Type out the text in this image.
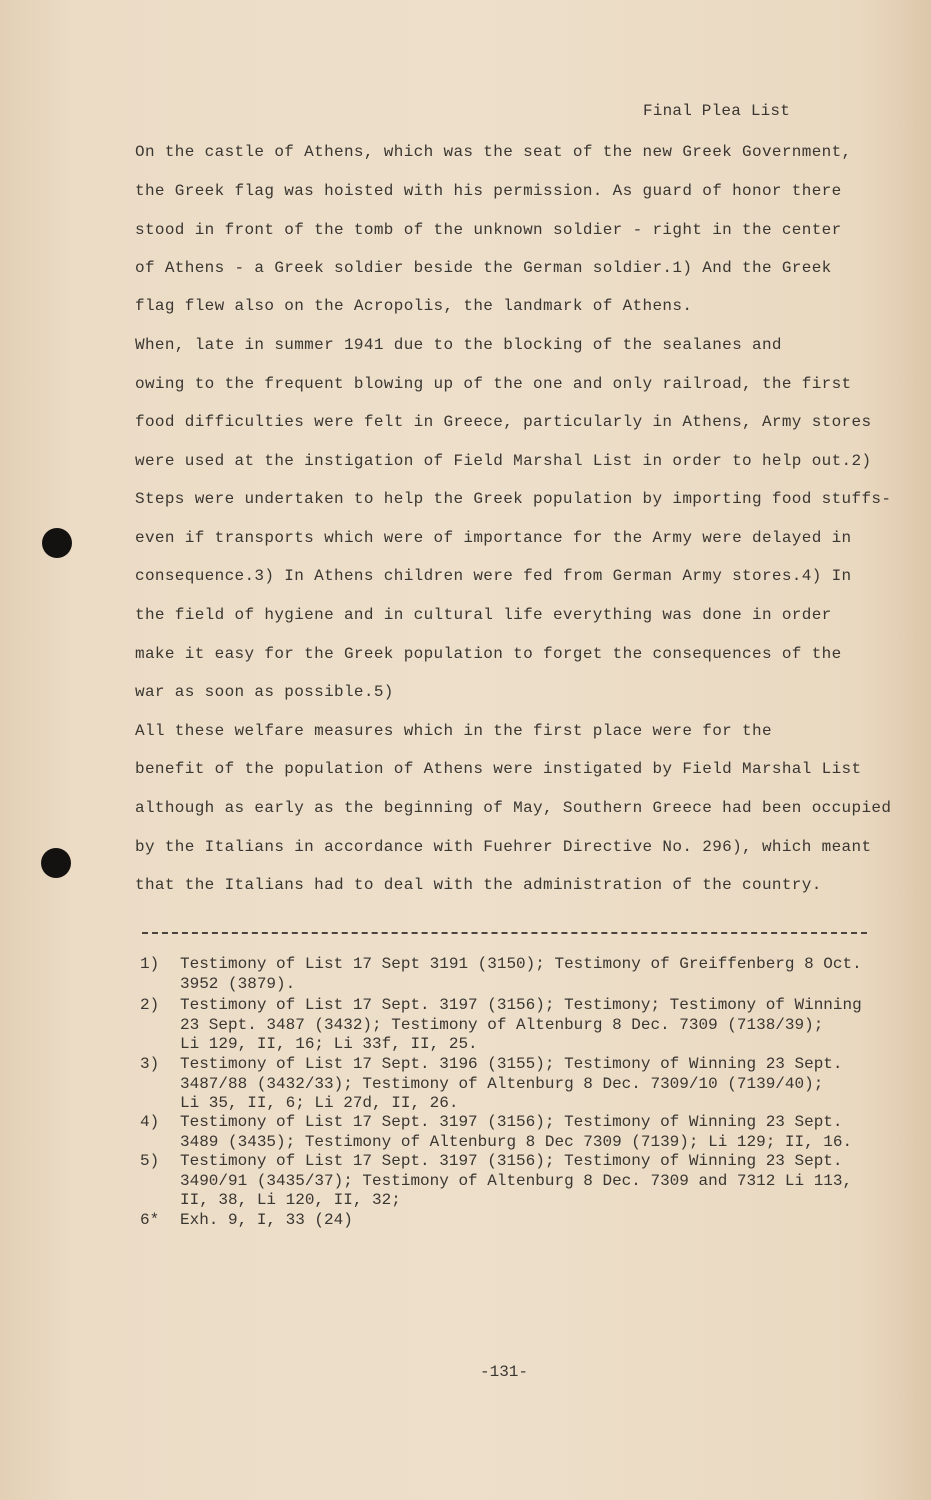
Final Plea List
On the castle of Athens, which was the seat of the new Greek Government,
the Greek flag was hoisted with his permission. As guard of honor there
stood in front of the tomb of the unknown soldier - right in the center
of Athens - a Greek soldier beside the German soldier.1) And the Greek
flag flew also on the Acropolis, the landmark of Athens.
When, late in summer 1941 due to the blocking of the sealanes and
owing to the frequent blowing up of the one and only railroad, the first
food difficulties were felt in Greece, particularly in Athens, Army stores
were used at the instigation of Field Marshal List in order to help out.2)
Steps were undertaken to help the Greek population by importing food stuffs-
even if transports which were of importance for the Army were delayed in
consequence.3) In Athens children were fed from German Army stores.4) In
the field of hygiene and in cultural life everything was done in order
make it easy for the Greek population to forget the consequences of the
war as soon as possible.5)
All these welfare measures which in the first place were for the
benefit of the population of Athens were instigated by Field Marshal List
although as early as the beginning of May, Southern Greece had been occupied
by the Italians in accordance with Fuehrer Directive No. 296), which meant
that the Italians had to deal with the administration of the country.
1) Testimony of List 17 Sept 3191 (3150); Testimony of Greiffenberg 8 Oct.
3952 (3879).
2) Testimony of List 17 Sept. 3197 (3156); Testimony; Testimony of Winning
23 Sept. 3487 (3432); Testimony of Altenburg 8 Dec. 7309 (7138/39);
Li 129, II, 16; Li 33f, II, 25.
3) Testimony of List 17 Sept. 3196 (3155); Testimony of Winning 23 Sept.
3487/88 (3432/33); Testimony of Altenburg 8 Dec. 7309/10 (7139/40);
Li 35, II, 6; Li 27d, II, 26.
4) Testimony of List 17 Sept. 3197 (3156); Testimony of Winning 23 Sept.
3489 (3435); Testimony of Altenburg 8 Dec 7309 (7139); Li 129; II, 16.
5) Testimony of List 17 Sept. 3197 (3156); Testimony of Winning 23 Sept.
3490/91 (3435/37); Testimony of Altenburg 8 Dec. 7309 and 7312 Li 113,
II, 38, Li 120, II, 32;
6* Exh. 9, I, 33 (24)
-131-
